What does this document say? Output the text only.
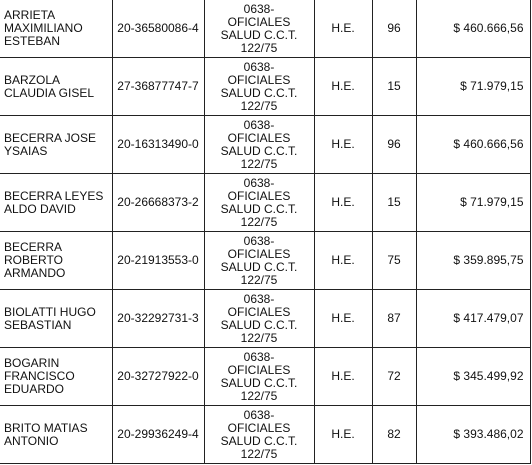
ARRIETA
MAXIMILIANO
ESTEBAN	20-36580086-4	0638-
OFICIALES
SALUD C.C.T.
122/75	H.E.	96	$ 460.666,56

BARZOLA
CLAUDIA GISEL	27-36877747-7	0638-
OFICIALES
SALUD C.C.T.
122/75	H.E.	15	$ 71.979,15

BECERRA JOSE
YSAIAS	20-16313490-0	0638-
OFICIALES
SALUD C.C.T.
122/75	H.E.	96	$ 460.666,56

BECERRA LEYES
ALDO DAVID	20-26668373-2	0638-
OFICIALES
SALUD C.C.T.
122/75	H.E.	15	$ 71.979,15

BECERRA
ROBERTO
ARMANDO	20-21913553-0	0638-
OFICIALES
SALUD C.C.T.
122/75	H.E.	75	$ 359.895,75

BIOLATTI HUGO
SEBASTIAN	20-32292731-3	0638-
OFICIALES
SALUD C.C.T.
122/75	H.E.	87	$ 417.479,07

BOGARIN
FRANCISCO
EDUARDO	20-32727922-0	0638-
OFICIALES
SALUD C.C.T.
122/75	H.E.	72	$ 345.499,92

BRITO MATIAS
ANTONIO	20-29936249-4	0638-
OFICIALES
SALUD C.C.T.
122/75	H.E.	82	$ 393.486,02
